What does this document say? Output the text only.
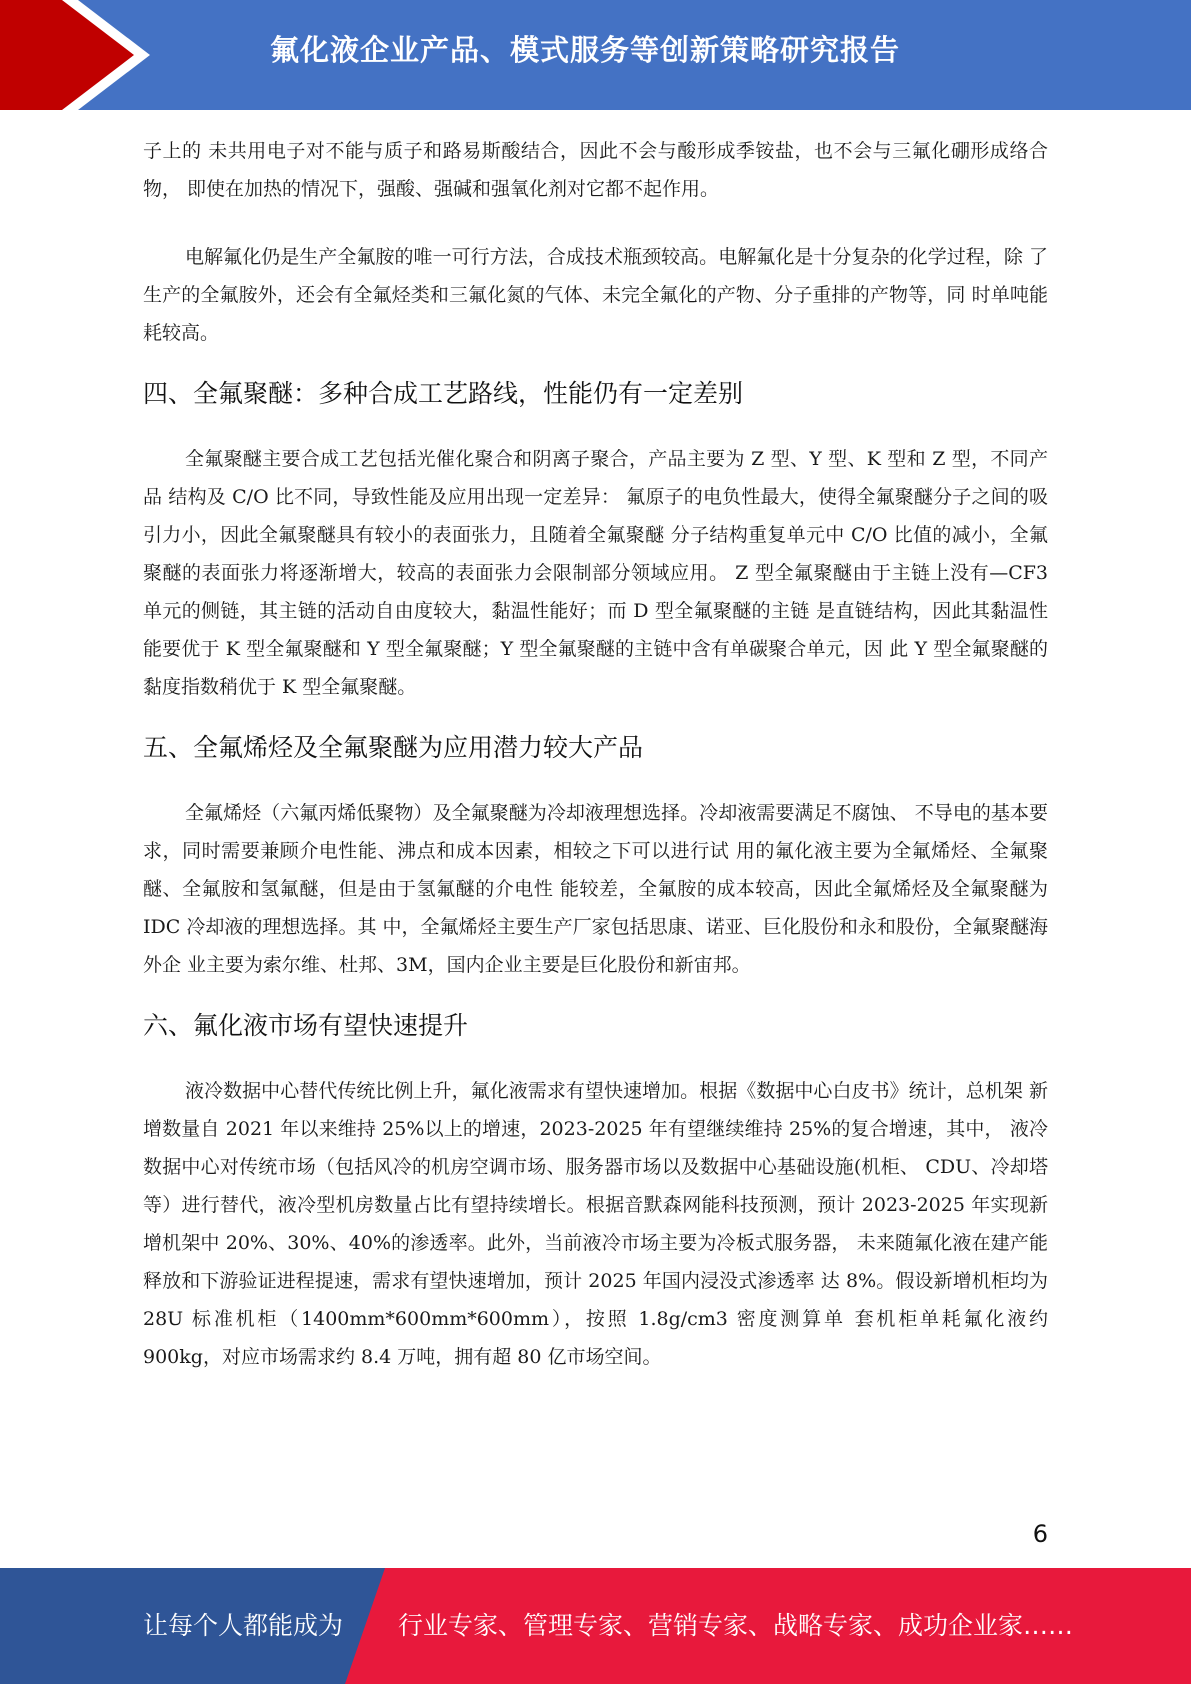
氟化液企业产品、模式服务等创新策略研究报告

子上的 未共用电子对不能与质子和路易斯酸结合，因此不会与酸形成季铵盐，也不会与三氟化硼形成络合物， 即使在加热的情况下，强酸、强碱和强氧化剂对它都不起作用。

电解氟化仍是生产全氟胺的唯一可行方法，合成技术瓶颈较高。电解氟化是十分复杂的化学过程，除 了生产的全氟胺外，还会有全氟烃类和三氟化氮的气体、未完全氟化的产物、分子重排的产物等，同 时单吨能耗较高。

四、全氟聚醚：多种合成工艺路线，性能仍有一定差别

全氟聚醚主要合成工艺包括光催化聚合和阴离子聚合，产品主要为 Z 型、Y 型、K 型和 Z 型，不同产品 结构及 C/O 比不同，导致性能及应用出现一定差异： 氟原子的电负性最大，使得全氟聚醚分子之间的吸引力小，因此全氟聚醚具有较小的表面张力，且随着全氟聚醚 分子结构重复单元中 C/O 比值的减小，全氟聚醚的表面张力将逐渐增大，较高的表面张力会限制部分领域应用。 Z 型全氟聚醚由于主链上没有—CF3 单元的侧链，其主链的活动自由度较大，黏温性能好；而 D 型全氟聚醚的主链 是直链结构，因此其黏温性能要优于 K 型全氟聚醚和 Y 型全氟聚醚；Y 型全氟聚醚的主链中含有单碳聚合单元，因 此 Y 型全氟聚醚的黏度指数稍优于 K 型全氟聚醚。

五、全氟烯烃及全氟聚醚为应用潜力较大产品

全氟烯烃（六氟丙烯低聚物）及全氟聚醚为冷却液理想选择。冷却液需要满足不腐蚀、 不导电的基本要求，同时需要兼顾介电性能、沸点和成本因素，相较之下可以进行试 用的氟化液主要为全氟烯烃、全氟聚醚、全氟胺和氢氟醚，但是由于氢氟醚的介电性 能较差，全氟胺的成本较高，因此全氟烯烃及全氟聚醚为 IDC 冷却液的理想选择。其 中，全氟烯烃主要生产厂家包括思康、诺亚、巨化股份和永和股份，全氟聚醚海外企 业主要为索尔维、杜邦、3M，国内企业主要是巨化股份和新宙邦。

六、氟化液市场有望快速提升

液冷数据中心替代传统比例上升，氟化液需求有望快速增加。根据《数据中心白皮书》统计，总机架 新增数量自 2021 年以来维持 25%以上的增速，2023-2025 年有望继续维持 25%的复合增速，其中， 液冷数据中心对传统市场（包括风冷的机房空调市场、服务器市场以及数据中心基础设施(机柜、 CDU、冷却塔等）进行替代，液冷型机房数量占比有望持续增长。根据音默森网能科技预测，预计 2023-2025 年实现新增机架中 20%、30%、40%的渗透率。此外，当前液冷市场主要为冷板式服务器， 未来随氟化液在建产能释放和下游验证进程提速，需求有望快速增加，预计 2025 年国内浸没式渗透率 达 8%。假设新增机柜均为 28U 标准机柜（1400mm*600mm*600mm），按照 1.8g/cm3 密度测算单 套机柜单耗氟化液约 900kg，对应市场需求约 8.4 万吨，拥有超 80 亿市场空间。

6
让每个人都能成为 行业专家、管理专家、营销专家、战略专家、成功企业家……
